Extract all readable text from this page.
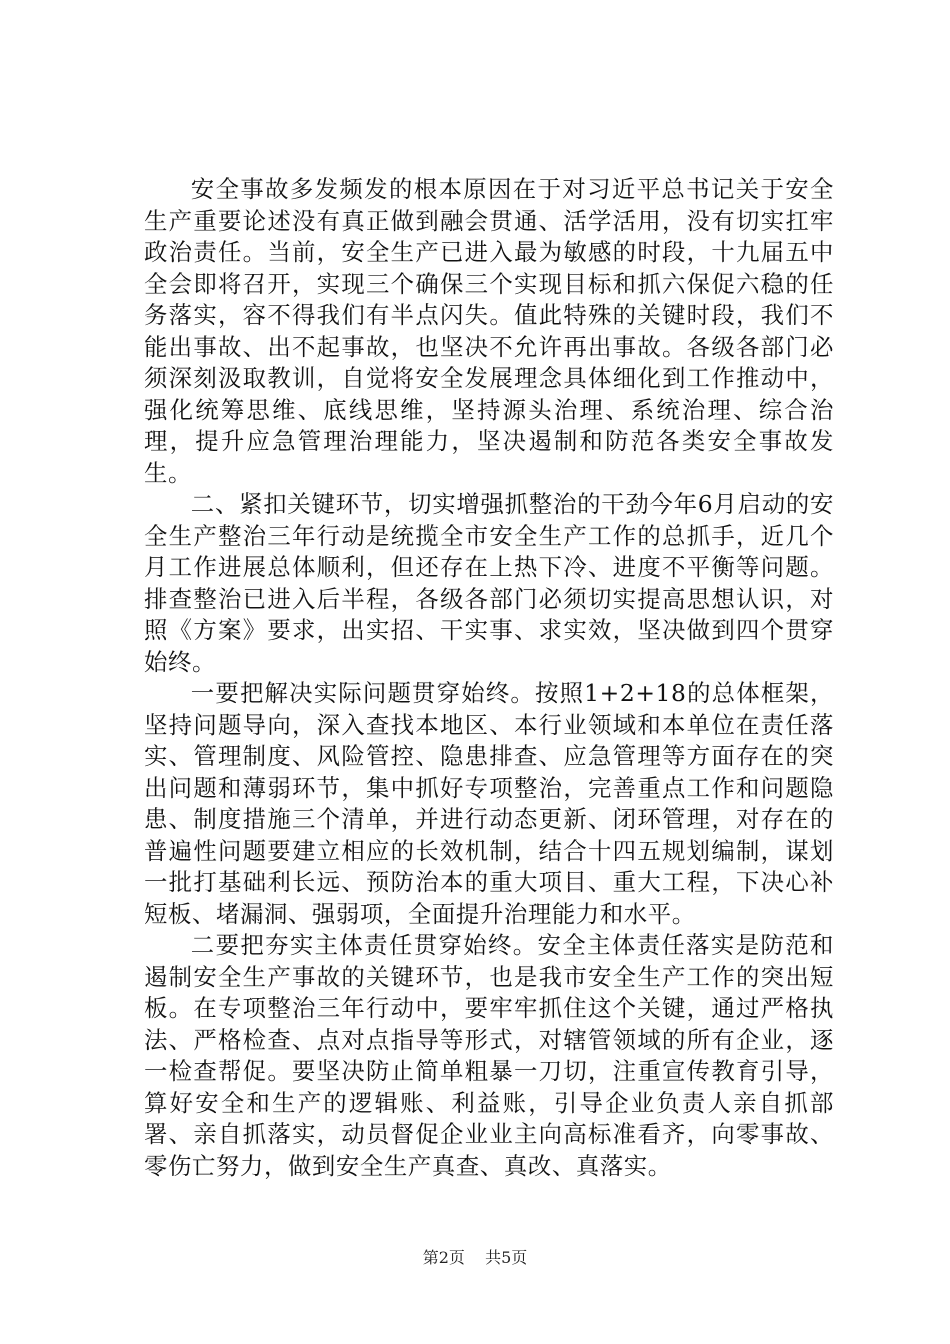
安全事故多发频发的根本原因在于对习近平总书记关于安全生产重要论述没有真正做到融会贯通、活学活用，没有切实扛牢政治责任。当前，安全生产已进入最为敏感的时段，十九届五中全会即将召开，实现三个确保三个实现目标和抓六保促六稳的任务落实，容不得我们有半点闪失。值此特殊的关键时段，我们不能出事故、出不起事故，也坚决不允许再出事故。各级各部门必须深刻汲取教训，自觉将安全发展理念具体细化到工作推动中，强化统筹思维、底线思维，坚持源头治理、系统治理、综合治理，提升应急管理治理能力，坚决遏制和防范各类安全事故发生。

二、紧扣关键环节，切实增强抓整治的干劲今年6月启动的安全生产整治三年行动是统揽全市安全生产工作的总抓手，近几个月工作进展总体顺利，但还存在上热下冷、进度不平衡等问题。排查整治已进入后半程，各级各部门必须切实提高思想认识，对照《方案》要求，出实招、干实事、求实效，坚决做到四个贯穿始终。

一要把解决实际问题贯穿始终。按照1+2+18的总体框架，坚持问题导向，深入查找本地区、本行业领域和本单位在责任落实、管理制度、风险管控、隐患排查、应急管理等方面存在的突出问题和薄弱环节，集中抓好专项整治，完善重点工作和问题隐患、制度措施三个清单，并进行动态更新、闭环管理，对存在的普遍性问题要建立相应的长效机制，结合十四五规划编制，谋划一批打基础利长远、预防治本的重大项目、重大工程，下决心补短板、堵漏洞、强弱项，全面提升治理能力和水平。

二要把夯实主体责任贯穿始终。安全主体责任落实是防范和遏制安全生产事故的关键环节，也是我市安全生产工作的突出短板。在专项整治三年行动中，要牢牢抓住这个关键，通过严格执法、严格检查、点对点指导等形式，对辖管领域的所有企业，逐一检查帮促。要坚决防止简单粗暴一刀切，注重宣传教育引导，算好安全和生产的逻辑账、利益账，引导企业负责人亲自抓部署、亲自抓落实，动员督促企业业主向高标准看齐，向零事故、零伤亡努力，做到安全生产真查、真改、真落实。

第2页 共5页
